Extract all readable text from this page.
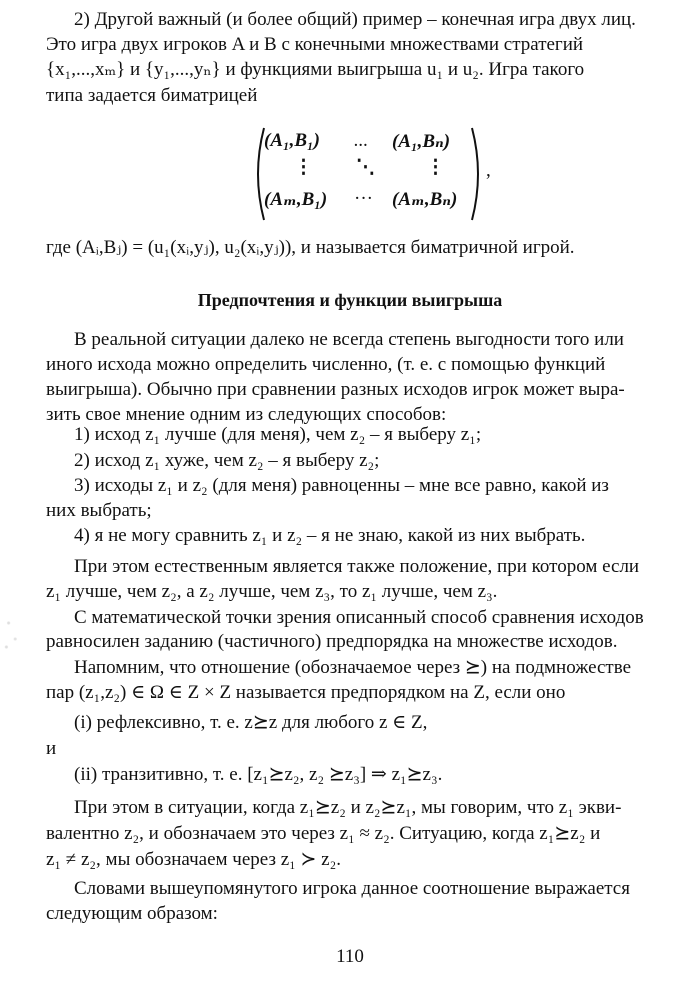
2) Другой важный (и более общий) пример – конечная игра двух лиц.
Это игра двух игроков A и B с конечными множествами стратегий
{x₁,...,xₘ} и {y₁,...,yₙ} и функциями выигрыша u₁ и u₂. Игра такого
типа задается биматрицей
(A₁,B₁) ... (A₁,Bₙ)
⋮ ⋱	⋮
(Aₘ,B₁) ··· (Aₘ,Bₙ)
,
где (Aᵢ,Bⱼ) = (u₁(xᵢ,yⱼ), u₂(xᵢ,yⱼ)), и называется биматричной игрой.
Предпочтения и функции выигрыша
В реальной ситуации далеко не всегда степень выгодности того или
иного исхода можно определить численно, (т. е. с помощью функций
выигрыша). Обычно при сравнении разных исходов игрок может выра-
зить свое мнение одним из следующих способов:
1) исход z₁ лучше (для меня), чем z₂ – я выберу z₁;
2) исход z₁ хуже, чем z₂ – я выберу z₂;
3) исходы z₁ и z₂ (для меня) равноценны – мне все равно, какой из
них выбрать;
4) я не могу сравнить z₁ и z₂ – я не знаю, какой из них выбрать.
При этом естественным является также положение, при котором если
z₁ лучше, чем z₂, а z₂ лучше, чем z₃, то z₁ лучше, чем z₃.
С математической точки зрения описанный способ сравнения исходов
равносилен заданию (частичного) предпорядка на множестве исходов.
Напомним, что отношение (обозначаемое через ⪰) на подмножестве
пар (z₁,z₂) ∈ Ω ∈ Z × Z называется предпорядком на Z, если оно
(i) рефлексивно, т. е. z⪰z для любого z ∈ Z,
и
(ii) транзитивно, т. е. [z₁⪰z₂, z₂ ⪰z₃] ⇒ z₁⪰z₃.
При этом в ситуации, когда z₁⪰z₂ и z₂⪰z₁, мы говорим, что z₁ экви-
валентно z₂, и обозначаем это через z₁ ≈ z₂. Ситуацию, когда z₁⪰z₂ и
z₁ ≠ z₂, мы обозначаем через z₁ ≻ z₂.
Словами вышеупомянутого игрока данное соотношение выражается
следующим образом:
110
